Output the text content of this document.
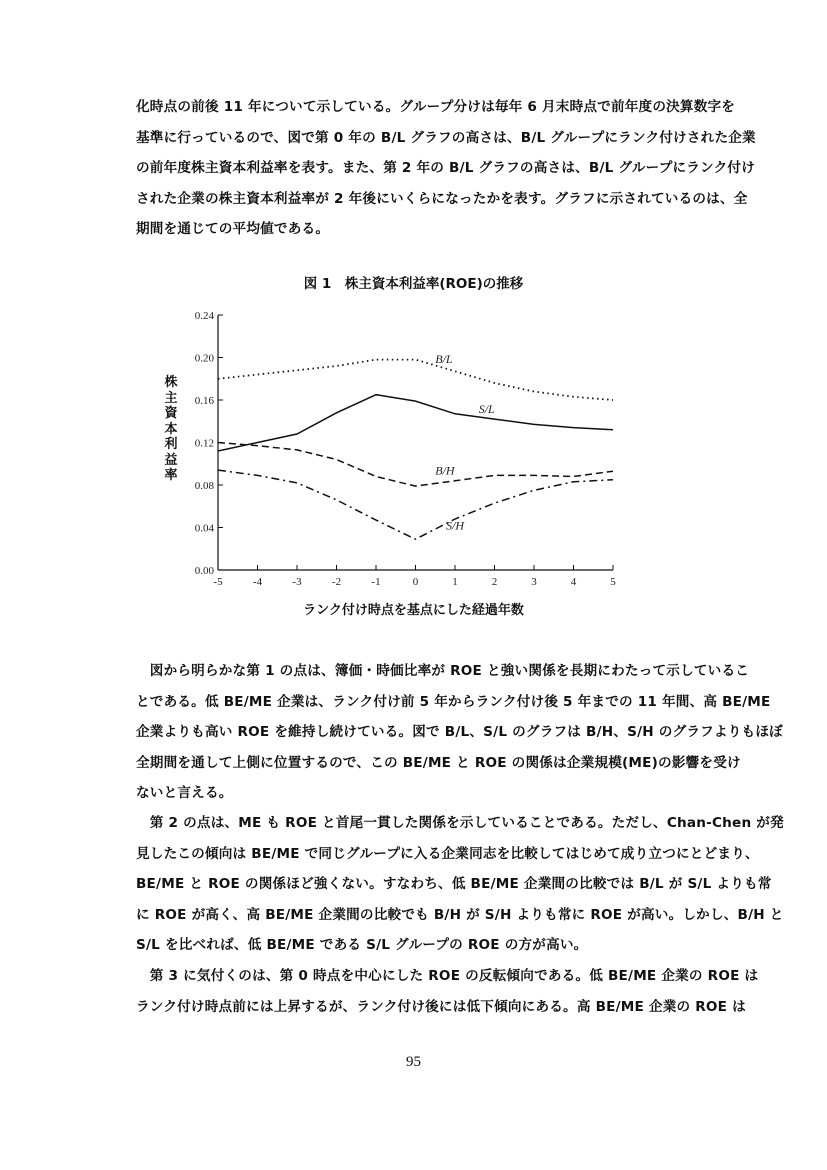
化時点の前後 11 年について示している。グループ分けは毎年 6 月末時点で前年度の決算数字を
基準に行っているので、図で第 0 年の B/L グラフの高さは、B/L グループにランク付けされた企業
の前年度株主資本利益率を表す。また、第 2 年の B/L グラフの高さは、B/L グループにランク付け
された企業の株主資本利益率が 2 年後にいくらになったかを表す。グラフに示されているのは、全
期間を通じての平均値である。
図 1　株主資本利益率(ROE)の推移
株
主
資
本
利
益
率
0.00
0.04
0.08
0.12
0.16
0.20
0.24
-5	-4	-3	-2	-1	0	1	2	3	4	5
B/L
S/L
B/H
S/H
ランク付け時点を基点にした経過年数
　図から明らかな第 1 の点は、簿価・時価比率が ROE と強い関係を長期にわたって示しているこ
とである。低 BE/ME 企業は、ランク付け前 5 年からランク付け後 5 年までの 11 年間、高 BE/ME
企業よりも高い ROE を維持し続けている。図で B/L、S/L のグラフは B/H、S/H のグラフよりもほぼ
全期間を通して上側に位置するので、この BE/ME と ROE の関係は企業規模(ME)の影響を受け
ないと言える。
　第 2 の点は、ME も ROE と首尾一貫した関係を示していることである。ただし、Chan-Chen が発
見したこの傾向は BE/ME で同じグループに入る企業同志を比較してはじめて成り立つにとどまり、
BE/ME と ROE の関係ほど強くない。すなわち、低 BE/ME 企業間の比較では B/L が S/L よりも常
に ROE が高く、高 BE/ME 企業間の比較でも B/H が S/H よりも常に ROE が高い。しかし、B/H と
S/L を比べれば、低 BE/ME である S/L グループの ROE の方が高い。
　第 3 に気付くのは、第 0 時点を中心にした ROE の反転傾向である。低 BE/ME 企業の ROE は
ランク付け時点前には上昇するが、ランク付け後には低下傾向にある。高 BE/ME 企業の ROE は
95
